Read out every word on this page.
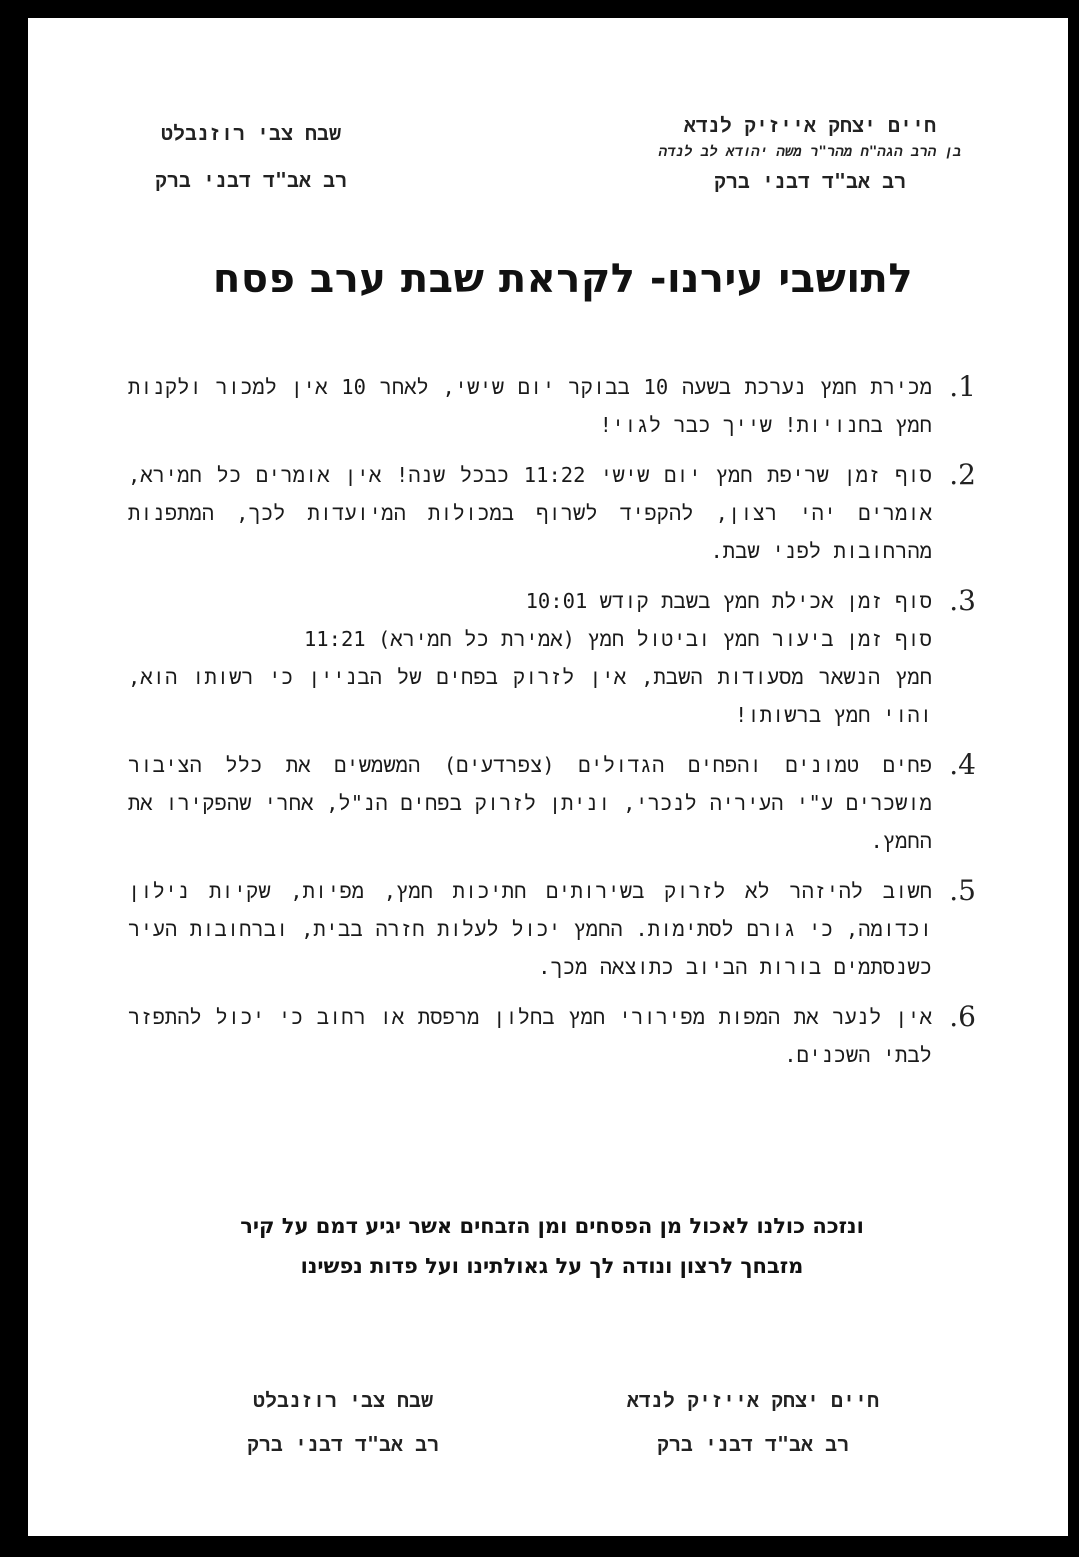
חיים יצחק אייזיק לנדא
בן הרב הגה"ח מהר"ר משה יהודא לב לנדה
רב אב"ד דבני ברק
שבח צבי רוזנבלט
רב אב"ד דבני ברק
לתושבי עירנו- לקראת שבת ערב פסח
1.
מכירת חמץ נערכת בשעה 10 בבוקר יום שישי, לאחר 10 אין למכור ולקנות חמץ בחנויות! שייך כבר לגוי!
2.
סוף זמן שריפת חמץ יום שישי 11:22 כבכל שנה! אין אומרים כל חמירא, אומרים יהי רצון, להקפיד לשרוף במכולות המיועדות לכך, המתפנות מהרחובות לפני שבת.
3.
סוף זמן אכילת חמץ בשבת קודש 10:01
סוף זמן ביעור חמץ וביטול חמץ (אמירת כל חמירא) 11:21
חמץ הנשאר מסעודות השבת, אין לזרוק בפחים של הבניין כי רשותו הוא, והוי חמץ ברשותו!
4.
פחים טמונים והפחים הגדולים (צפרדעים) המשמשים את כלל הציבור מושכרים ע"י העיריה לנכרי, וניתן לזרוק בפחים הנ"ל, אחרי שהפקירו את החמץ.
5.
חשוב להיזהר לא לזרוק בשירותים חתיכות חמץ, מפיות, שקיות נילון וכדומה, כי גורם לסתימות. החמץ יכול לעלות חזרה בבית, וברחובות העיר כשנסתמים בורות הביוב כתוצאה מכך.
6.
אין לנער את המפות מפירורי חמץ בחלון מרפסת או רחוב כי יכול להתפזר לבתי השכנים.
ונזכה כולנו לאכול מן הפסחים ומן הזבחים אשר יגיע דמם על קיר
מזבחך לרצון ונודה לך על גאולתינו ועל פדות נפשינו
חיים יצחק אייזיק לנדא
רב אב"ד דבני ברק
שבח צבי רוזנבלט
רב אב"ד דבני ברק
